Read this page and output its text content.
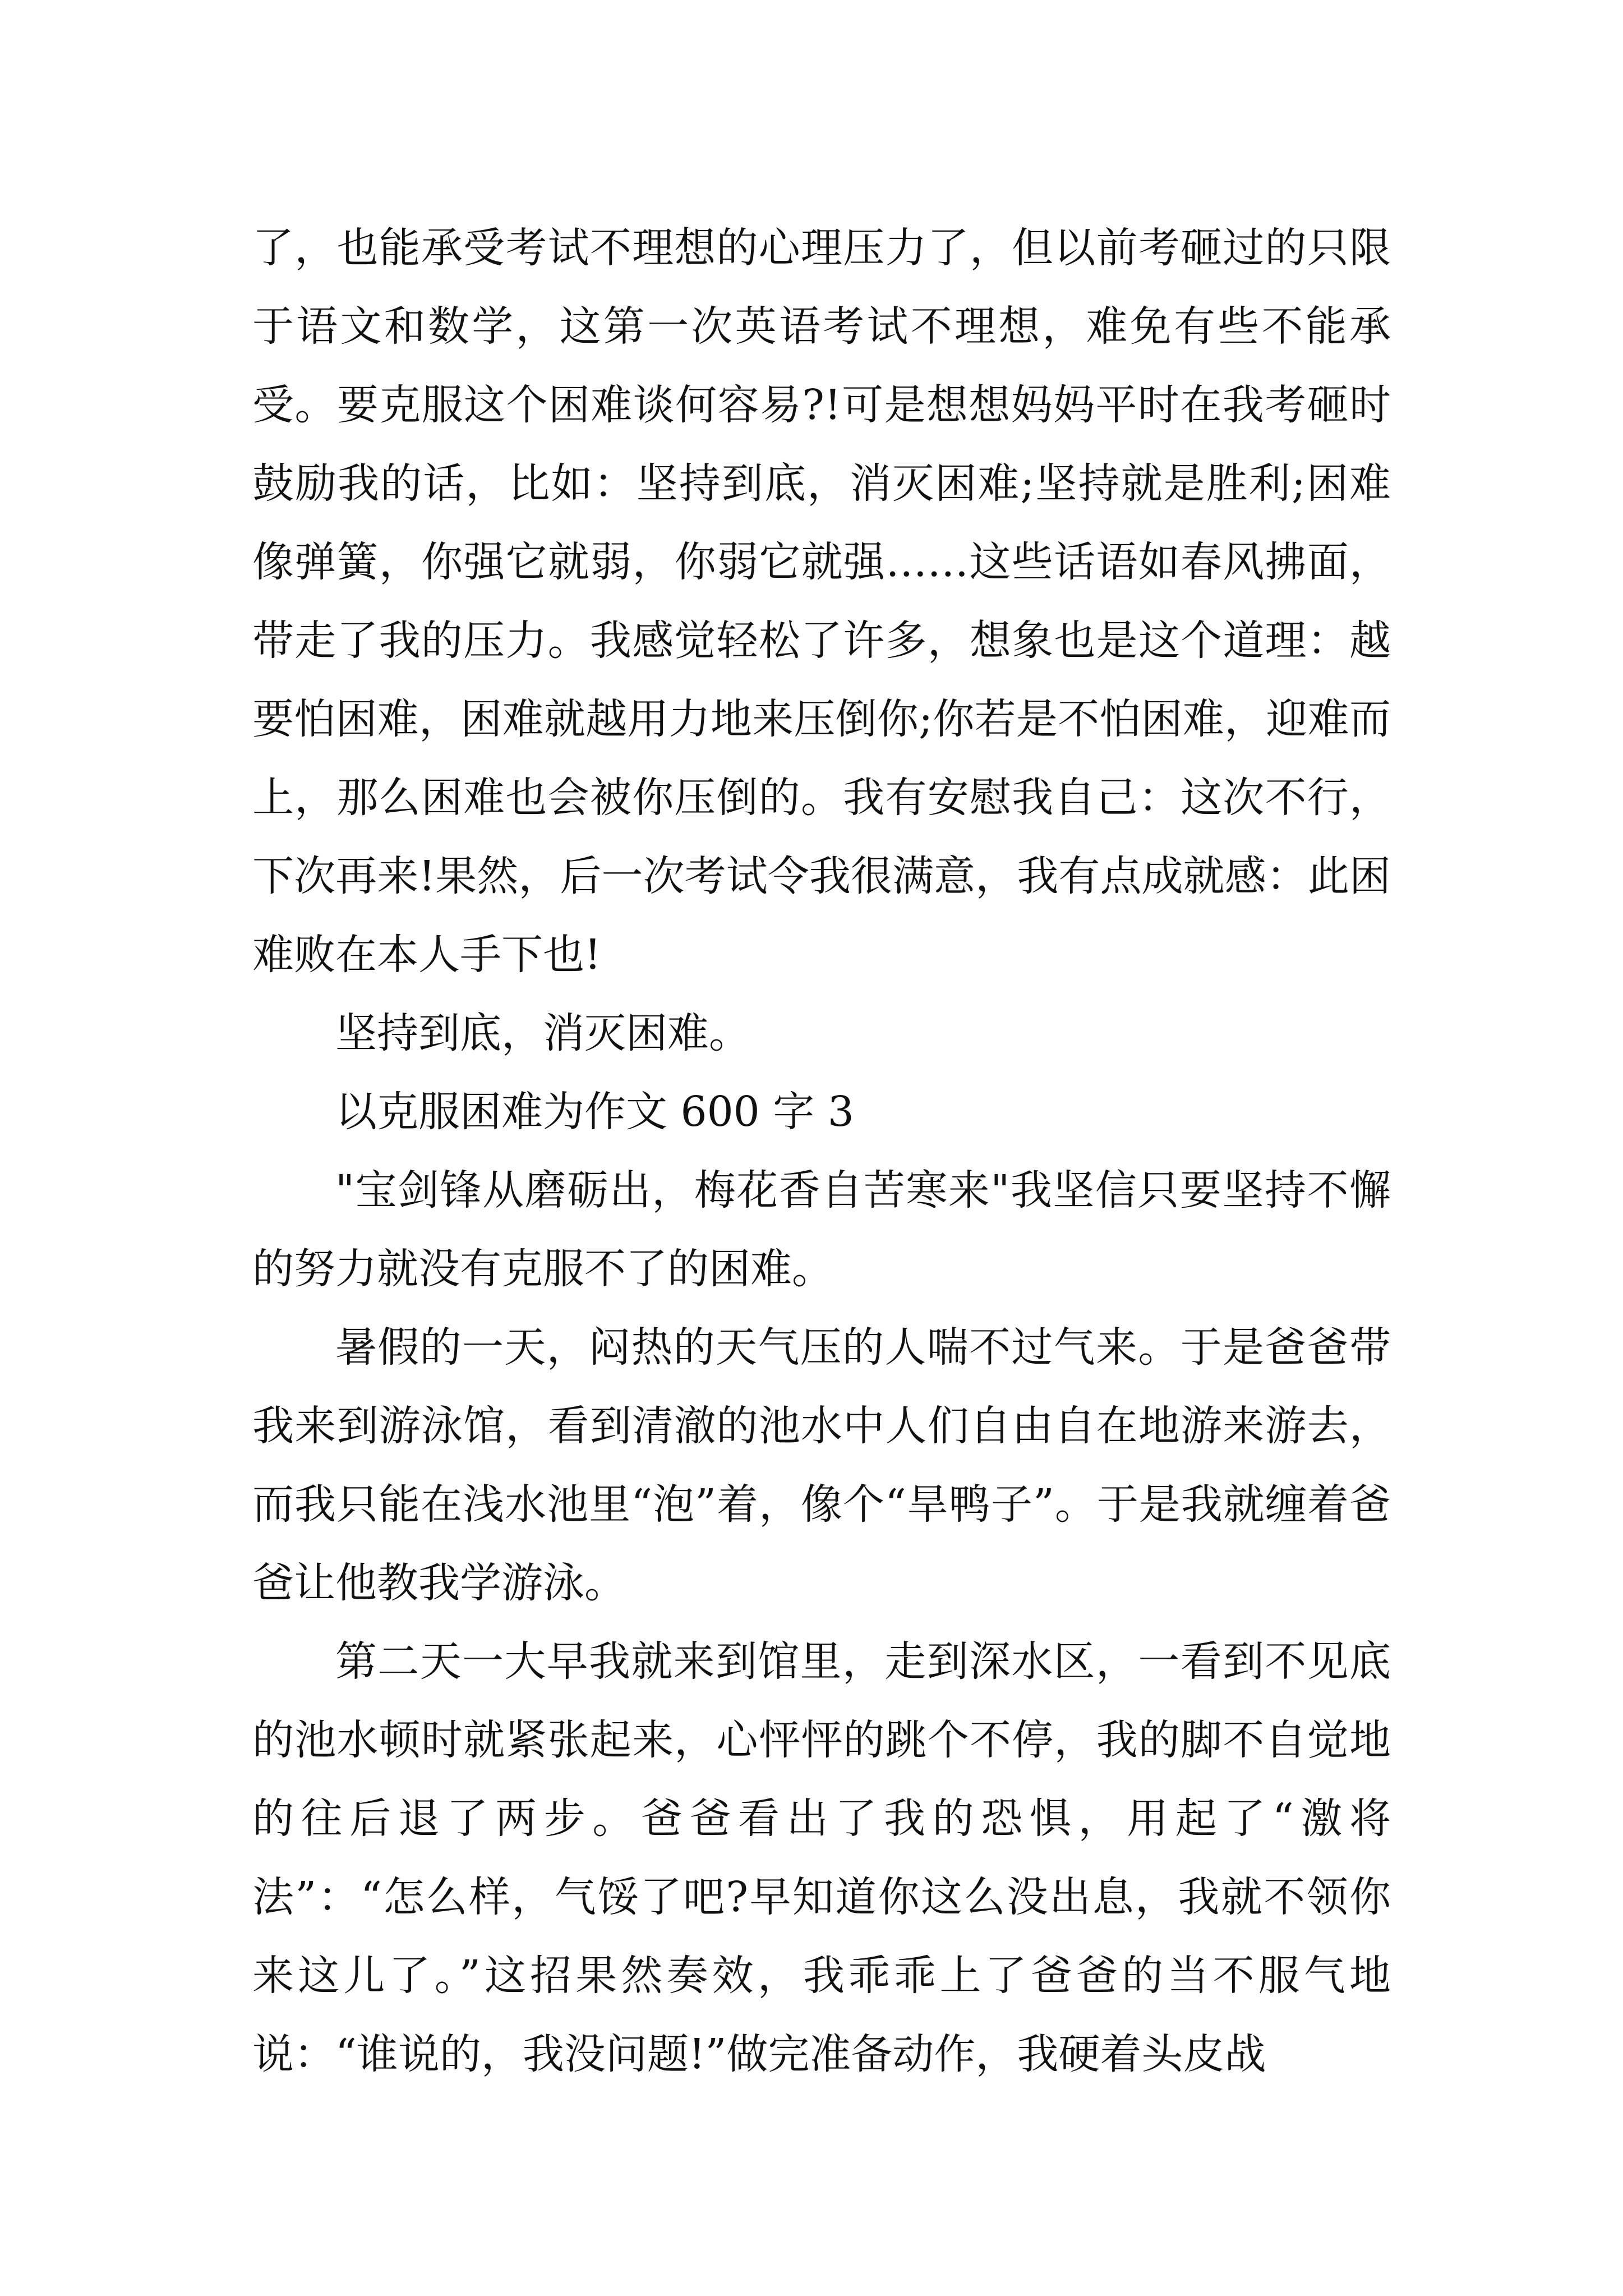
了，也能承受考试不理想的心理压力了，但以前考砸过的只限于语文和数学，这第一次英语考试不理想，难免有些不能承受。要克服这个困难谈何容易?!可是想想妈妈平时在我考砸时鼓励我的话，比如：坚持到底，消灭困难;坚持就是胜利;困难像弹簧，你强它就弱，你弱它就强……这些话语如春风拂面，带走了我的压力。我感觉轻松了许多，想象也是这个道理：越要怕困难，困难就越用力地来压倒你;你若是不怕困难，迎难而上，那么困难也会被你压倒的。我有安慰我自己：这次不行，下次再来!果然，后一次考试令我很满意，我有点成就感：此困难败在本人手下也!

坚持到底，消灭困难。

以克服困难为作文 600 字 3

"宝剑锋从磨砺出，梅花香自苦寒来"我坚信只要坚持不懈的努力就没有克服不了的困难。

暑假的一天，闷热的天气压的人喘不过气来。于是爸爸带我来到游泳馆，看到清澈的池水中人们自由自在地游来游去，而我只能在浅水池里“泡”着，像个“旱鸭子”。于是我就缠着爸爸让他教我学游泳。

第二天一大早我就来到馆里，走到深水区，一看到不见底的池水顿时就紧张起来，心怦怦的跳个不停，我的脚不自觉地的往后退了两步。爸爸看出了我的恐惧，用起了“激将法”：“怎么样，气馁了吧?早知道你这么没出息，我就不领你来这儿了。”这招果然奏效，我乖乖上了爸爸的当不服气地说：“谁说的，我没问题!”做完准备动作，我硬着头皮战
